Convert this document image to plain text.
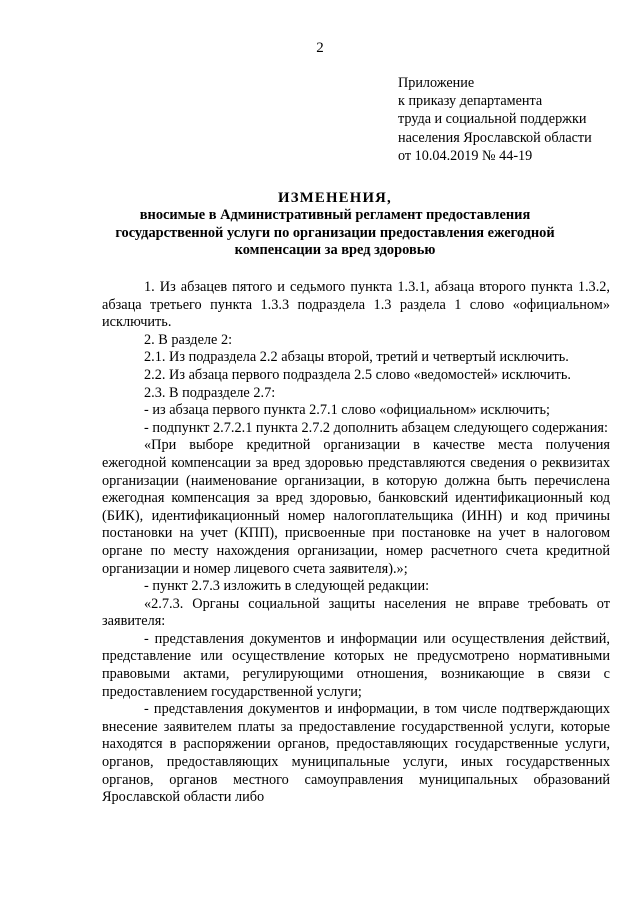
2
Приложение
к приказу департамента
труда и социальной поддержки
населения Ярославской области
от 10.04.2019 № 44-19
ИЗМЕНЕНИЯ,
вносимые в Административный регламент предоставления
государственной услуги по организации предоставления ежегодной
компенсации за вред здоровью

1. Из абзацев пятого и седьмого пункта 1.3.1, абзаца второго пункта 1.3.2, абзаца третьего пункта 1.3.3 подраздела 1.3 раздела 1 слово «официальном» исключить.

2. В разделе 2:

2.1. Из подраздела 2.2 абзацы второй, третий и четвертый исключить.

2.2. Из абзаца первого подраздела 2.5 слово «ведомостей» исключить.

2.3. В подразделе 2.7:

- из абзаца первого пункта 2.7.1 слово «официальном» исключить;

- подпункт 2.7.2.1 пункта 2.7.2 дополнить абзацем следующего содержания:

«При выборе кредитной организации в качестве места получения ежегодной компенсации за вред здоровью представляются сведения о реквизитах организации (наименование организации, в которую должна быть перечислена ежегодная компенсация за вред здоровью, банковский идентификационный код (БИК), идентификационный номер налогоплательщика (ИНН) и код причины постановки на учет (КПП), присвоенные при постановке на учет в налоговом органе по месту нахождения организации, номер расчетного счета кредитной организации и номер лицевого счета заявителя).»;

- пункт 2.7.3 изложить в следующей редакции:

«2.7.3. Органы социальной защиты населения не вправе требовать от заявителя:

- представления документов и информации или осуществления действий, представление или осуществление которых не предусмотрено нормативными правовыми актами, регулирующими отношения, возникающие в связи с предоставлением государственной услуги;

- представления документов и информации, в том числе подтверждающих внесение заявителем платы за предоставление государственной услуги, которые находятся в распоряжении органов, предоставляющих государственные услуги, органов, предоставляющих муниципальные услуги, иных государственных органов, органов местного самоуправления муниципальных образований Ярославской области либо
